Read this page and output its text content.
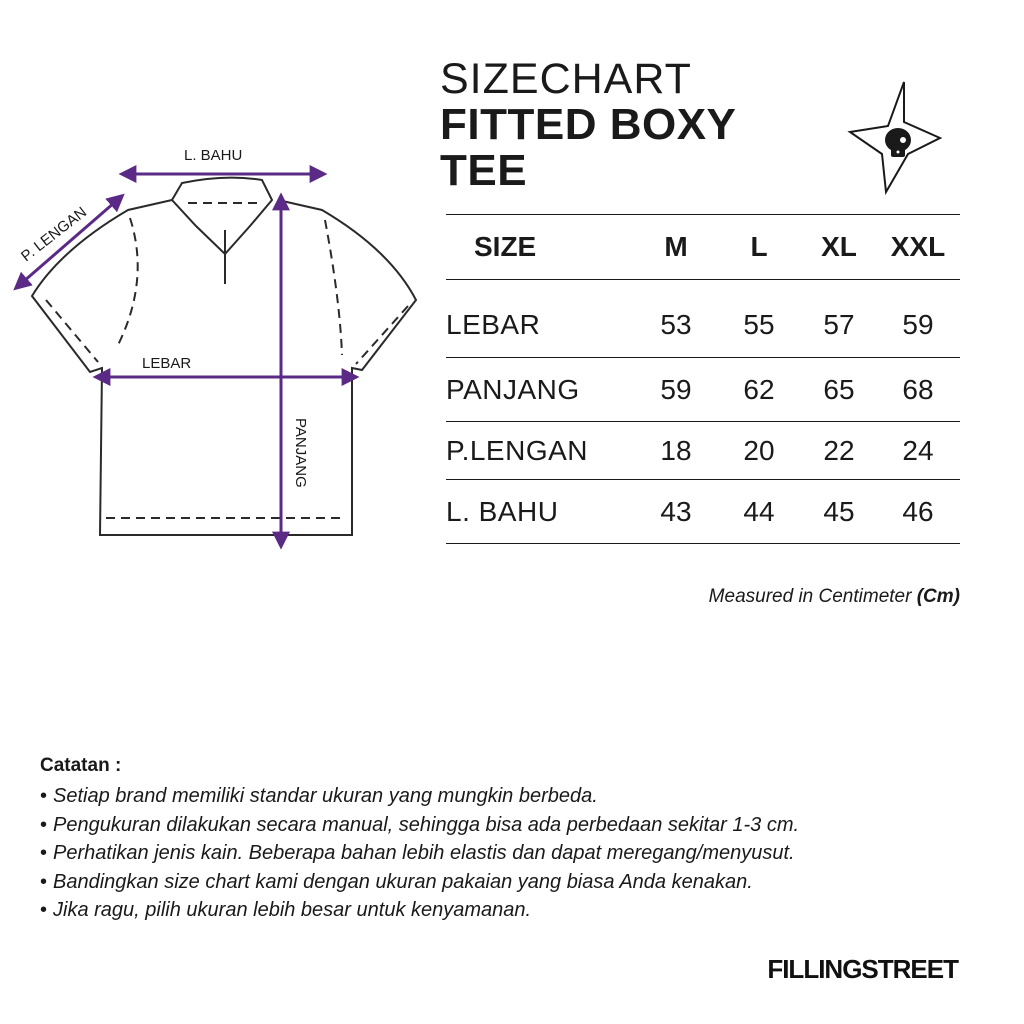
L. BAHU
P. LENGAN
LEBAR
PANJANG
SIZECHART
FITTED BOXY TEE
SIZE	M	L	XL	XXL
LEBAR	53	55	57	59
PANJANG	59	62	65	68
P.LENGAN	18	20	22	24
L. BAHU	43	44	45	46
Measured in Centimeter (Cm)
Catatan :
• Setiap brand memiliki standar ukuran yang mungkin berbeda.
• Pengukuran dilakukan secara manual, sehingga bisa ada perbedaan sekitar 1-3 cm.
• Perhatikan jenis kain. Beberapa bahan lebih elastis dan dapat meregang/menyusut.
• Bandingkan size chart kami dengan ukuran pakaian yang biasa Anda kenakan.
• Jika ragu, pilih ukuran lebih besar untuk kenyamanan.
FILLINGSTREET
